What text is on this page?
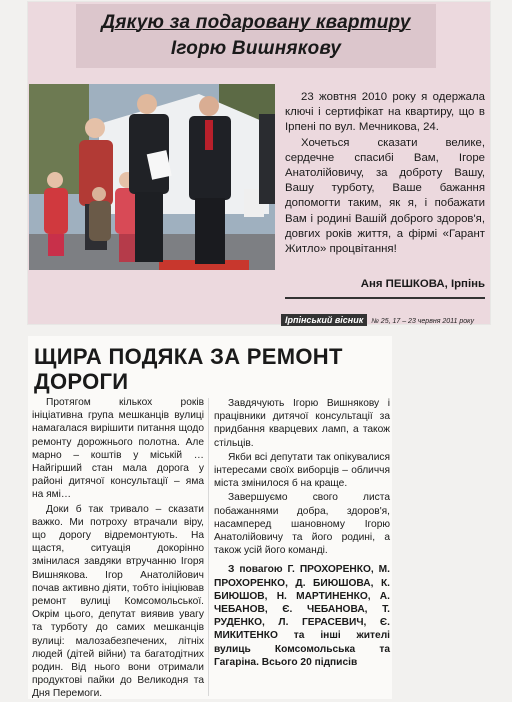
Дякую за подаровану квартиру
Ігорю Вишнякову

23 жовтня 2010 року я одержала ключі і сертифікат на квартиру, що в Ірпені по вул. Мечникова, 24.

Хочеться сказати велике, сердечне спасибі Вам, Ігоре Анатолійовичу, за доброту Вашу, Вашу турботу, Ваше бажання допомогти таким, як я, і побажати Вам і родині Вашій доброго здоров'я, довгих років життя, а фірмі «Гарант Житло» процвітання!

Аня ПЕШКОВА, Ірпінь
Ірпінський вісник № 25, 17 – 23 червня 2011 року
ЩИРА ПОДЯКА ЗА РЕМОНТ ДОРОГИ

Протягом кількох років ініціативна група мешканців вулиці намагалася вирішити питання щодо ремонту дорожнього полотна. Але марно – коштів у міській … Найгірший стан мала дорога у районі дитячої консультації – яма на ямі…

Доки б так тривало – сказати важко. Ми потроху втрачали віру, що дорогу відремонтують. На щастя, ситуація докорінно змінилася завдяки втручанню Ігоря Вишнякова. Ігор Анатолійович почав активно діяти, тобто ініціював ремонт вулиці Комсомольської. Окрім цього, депутат виявив увагу та турботу до самих мешканців вулиці: малозабезпечених, літніх людей (дітей війни) та багатодітних родин. Від нього вони отримали продуктові пайки до Великодня та Дня Перемоги.

Завдячують Ігорю Вишнякову і працівники дитячої консультації за придбання кварцевих ламп, а також стільців.

Якби всі депутати так опікувалися інтересами своїх виборців – обличчя міста змінилося б на краще.

Завершуємо свого листа побажаннями добра, здоров'я, насамперед шановному Ігорю Анатолійовичу та його родині, а також усій його команді.

З повагою Г. ПРОХОРЕНКО, М. ПРОХОРЕНКО, Д. БИЮШОВА, К. БИЮШОВ, Н. МАРТИНЕНКО, А. ЧЕБАНОВ, Є. ЧЕБАНОВА, Т. РУДЕНКО, Л. ГЕРАСЕВИЧ, Є. МИКИТЕНКО та інші жителі вулиць Комсомольська та Гагаріна. Всього 20 підписів
